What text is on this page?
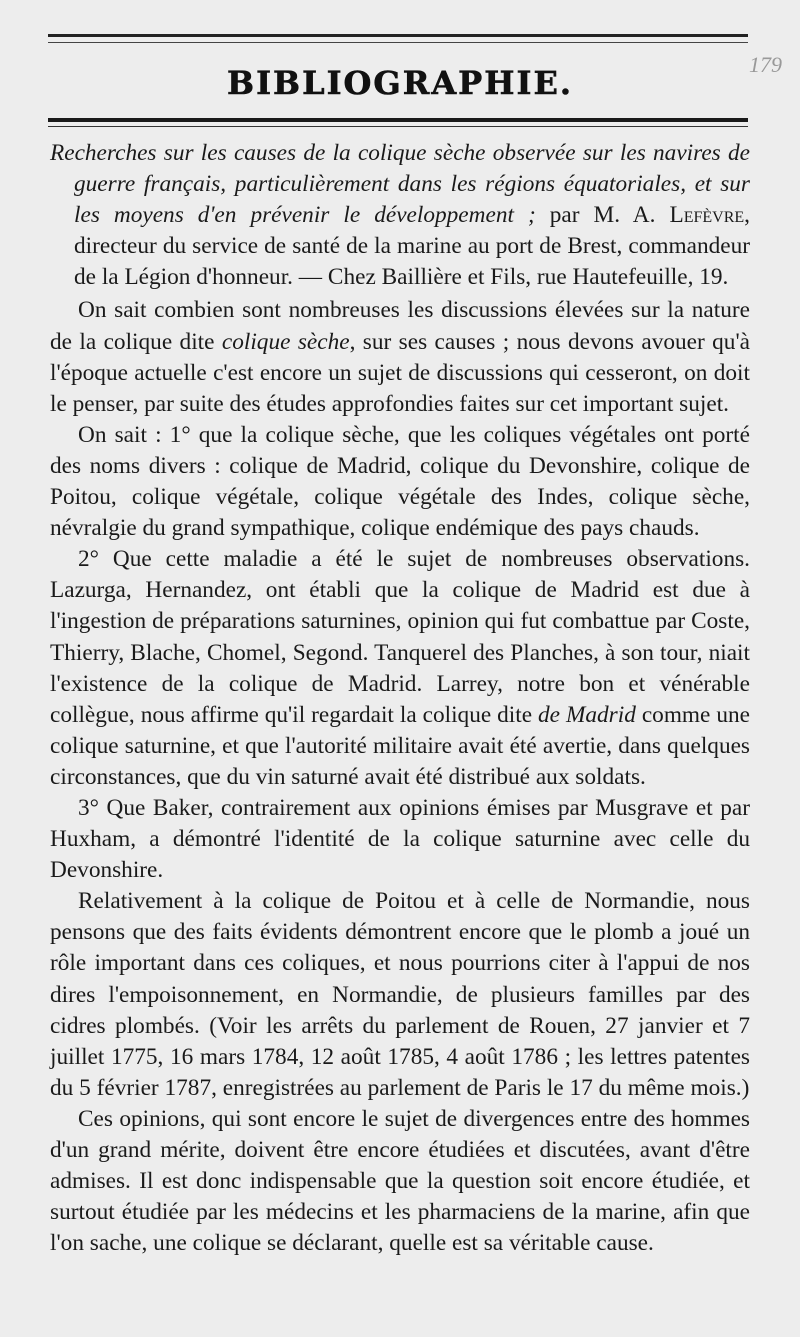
179
BIBLIOGRAPHIE.

Recherches sur les causes de la colique sèche observée sur les navires de guerre français, particulièrement dans les régions équatoriales, et sur les moyens d'en prévenir le développement ; par M. A. Lefèvre, directeur du service de santé de la marine au port de Brest, commandeur de la Légion d'honneur. — Chez Baillière et Fils, rue Hautefeuille, 19.

On sait combien sont nombreuses les discussions élevées sur la nature de la colique dite colique sèche, sur ses causes ; nous devons avouer qu'à l'époque actuelle c'est encore un sujet de discussions qui cesseront, on doit le penser, par suite des études approfondies faites sur cet important sujet.

On sait : 1° que la colique sèche, que les coliques végétales ont porté des noms divers : colique de Madrid, colique du Devonshire, colique de Poitou, colique végétale, colique végétale des Indes, colique sèche, névralgie du grand sympathique, colique endémique des pays chauds.

2° Que cette maladie a été le sujet de nombreuses observations. Lazurga, Hernandez, ont établi que la colique de Madrid est due à l'ingestion de préparations saturnines, opinion qui fut combattue par Coste, Thierry, Blache, Chomel, Segond. Tanquerel des Planches, à son tour, niait l'existence de la colique de Madrid. Larrey, notre bon et vénérable collègue, nous affirme qu'il regardait la colique dite de Madrid comme une colique saturnine, et que l'autorité militaire avait été avertie, dans quelques circonstances, que du vin saturné avait été distribué aux soldats.

3° Que Baker, contrairement aux opinions émises par Musgrave et par Huxham, a démontré l'identité de la colique saturnine avec celle du Devonshire.

Relativement à la colique de Poitou et à celle de Normandie, nous pensons que des faits évidents démontrent encore que le plomb a joué un rôle important dans ces coliques, et nous pourrions citer à l'appui de nos dires l'empoisonnement, en Normandie, de plusieurs familles par des cidres plombés. (Voir les arrêts du parlement de Rouen, 27 janvier et 7 juillet 1775, 16 mars 1784, 12 août 1785, 4 août 1786 ; les lettres patentes du 5 février 1787, enregistrées au parlement de Paris le 17 du même mois.)

Ces opinions, qui sont encore le sujet de divergences entre des hommes d'un grand mérite, doivent être encore étudiées et discutées, avant d'être admises. Il est donc indispensable que la question soit encore étudiée, et surtout étudiée par les médecins et les pharmaciens de la marine, afin que l'on sache, une colique se déclarant, quelle est sa véritable cause.
